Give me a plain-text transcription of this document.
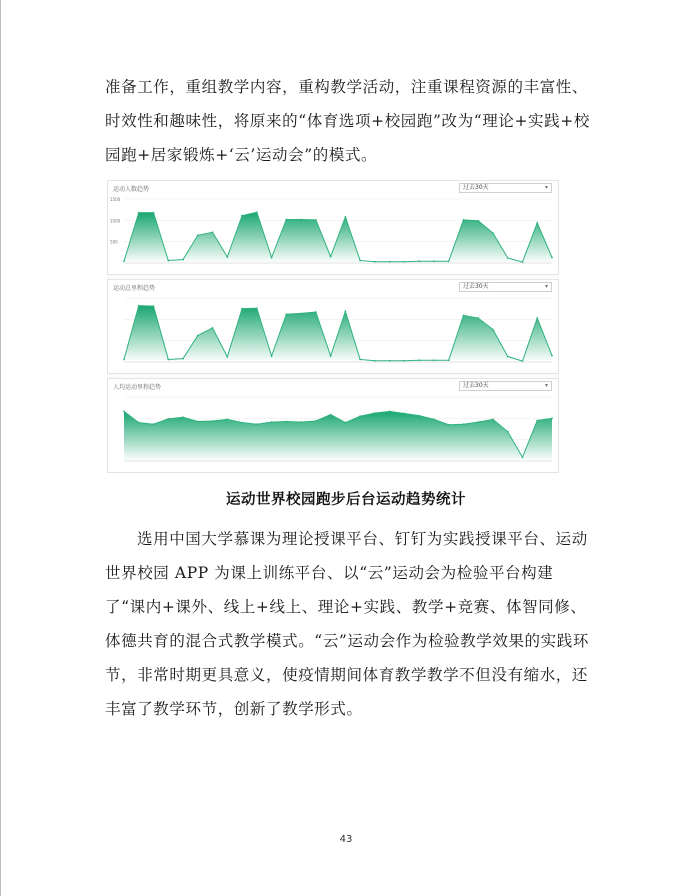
准备工作，重组教学内容，重构教学活动，注重课程资源的丰富性、时效性和趣味性，将原来的“体育选项+校园跑”改为“理论+实践+校园跑+居家锻炼+‘云’运动会”的模式。

运动人数趋势	过去30天	▾
1500
1000
500
运动总里程趋势	过去30天	▾
人均运动里程趋势	过去30天	▾
运动世界校园跑步后台运动趋势统计

选用中国大学慕课为理论授课平台、钉钉为实践授课平台、运动世界校园 APP 为课上训练平台、以“云”运动会为检验平台构建了“课内+课外、线上+线上、理论+实践、教学+竞赛、体智同修、体德共育的混合式教学模式。“云”运动会作为检验教学效果的实践环节，非常时期更具意义，使疫情期间体育教学教学不但没有缩水，还丰富了教学环节，创新了教学形式。

43
